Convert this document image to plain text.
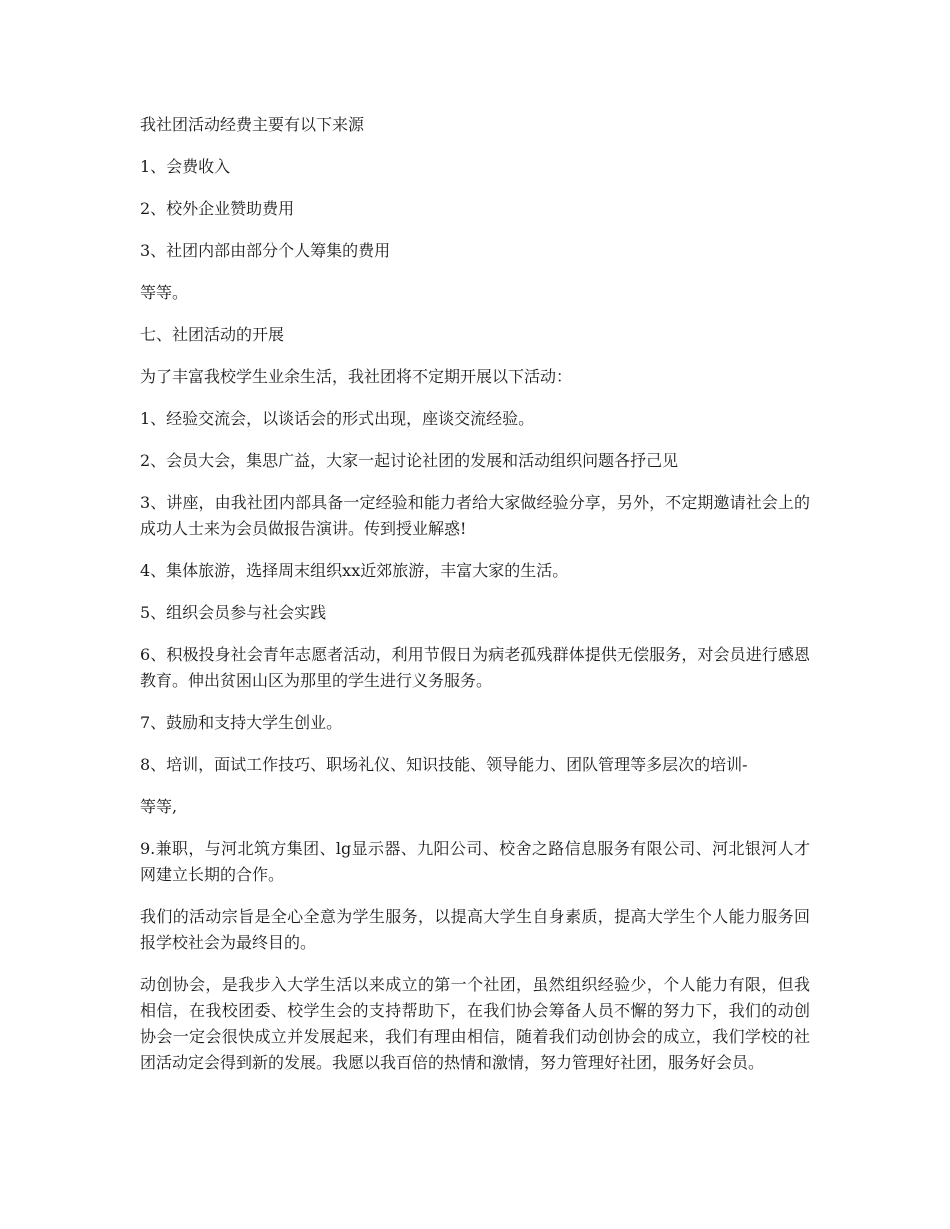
我社团活动经费主要有以下来源

1、会费收入

2、校外企业赞助费用

3、社团内部由部分个人筹集的费用

等等。

七、社团活动的开展

为了丰富我校学生业余生活，我社团将不定期开展以下活动：

1、经验交流会，以谈话会的形式出现，座谈交流经验。

2、会员大会，集思广益，大家一起讨论社团的发展和活动组织问题各抒己见

3、讲座，由我社团内部具备一定经验和能力者给大家做经验分享，另外，不定期邀请社会上的成功人士来为会员做报告演讲。传到授业解惑!

4、集体旅游，选择周末组织xx近郊旅游，丰富大家的生活。

5、组织会员参与社会实践

6、积极投身社会青年志愿者活动，利用节假日为病老孤残群体提供无偿服务，对会员进行感恩教育。伸出贫困山区为那里的学生进行义务服务。

7、鼓励和支持大学生创业。

8、培训，面试工作技巧、职场礼仪、知识技能、领导能力、团队管理等多层次的培训-

等等,

9.兼职，与河北筑方集团、lg显示器、九阳公司、校舍之路信息服务有限公司、河北银河人才网建立长期的合作。

我们的活动宗旨是全心全意为学生服务，以提高大学生自身素质，提高大学生个人能力服务回报学校社会为最终目的。

动创协会，是我步入大学生活以来成立的第一个社团，虽然组织经验少，个人能力有限，但我相信，在我校团委、校学生会的支持帮助下，在我们协会筹备人员不懈的努力下，我们的动创协会一定会很快成立并发展起来，我们有理由相信，随着我们动创协会的成立，我们学校的社团活动定会得到新的发展。我愿以我百倍的热情和激情，努力管理好社团，服务好会员。
